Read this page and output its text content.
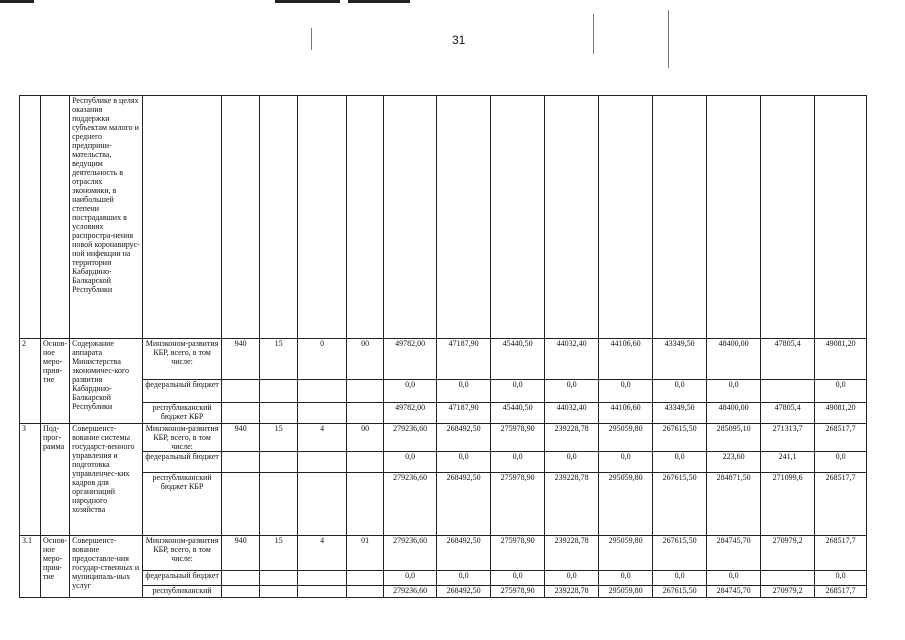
31
		Республике в целях оказания поддержки субъектам малого и среднего предприни-мательства, ведущим деятельность в отраслях экономики, в наибольшей степени пострадавших в условиях распростра-нения новой коронавирус-ной инфекции на территории Кабардино-Балкарской Республики														
2	Основ-ное меро-прия-тие	Содержание аппарата Министерства экономичес-кого развития Кабардино-Балкарской Республики	Минэконом-развития КБР, всего, в том числе:	940	15	0	00	49782,00	47187,90	45440,50	44032,40	44106,60	43349,50	48400,00	47805,4	49081,20
			федеральный бюджет					0,0	0,0	0,0	0,0	0,0	0,0	0,0		0,0
			республиканский бюджет КБР					49782,00	47187,90	45440,50	44032,40	44106,60	43349,50	48400,00	47805,4	49081,20
3	Под-прог-рамма	Совершенст-вование системы государст-венного управления и подготовка управленчес-ких кадров для организаций народного хозяйства	Минэконом-развития КБР, всего, в том числе:	940	15	4	00	279236,60	268492,50	275978,90	239228,78	295059,80	267615,50	285095,10	271313,7	268517,7
			федеральный бюджет					0,0	0,0	0,0	0,0	0,0	0,0	223,60	241,1	0,0
			республиканский бюджет КБР					279236,60	268492,50	275978,90	239228,78	295059,80	267615,50	284871,50	271099,6	268517,7
3.1	Основ-ное меро-прия-тие	Совершенст-вование предоставле-ния государ-ственных и муниципаль-ных услуг	Минэконом-развития КБР, всего, в том числе:	940	15	4	01	279236,60	268492,50	275978,90	239228,78	295059,80	267615,50	284745,70	270979,2	268517,7
			федеральный бюджет					0,0	0,0	0,0	0,0	0,0	0,0	0,0		0,0
			республиканский					279236,60	268492,50	275978,90	239228,78	295059,80	267615,50	284745,70	270979,2	268517,7
